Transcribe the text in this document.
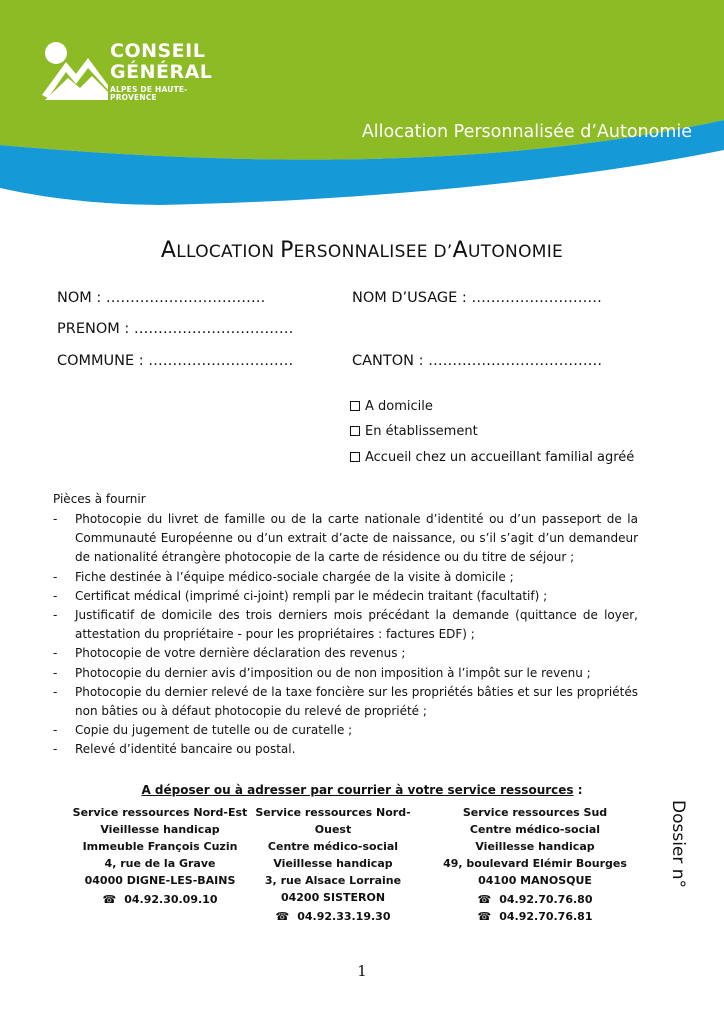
CONSEIL
GÉNÉRAL
ALPES DE HAUTE-PROVENCE
Allocation Personnalisée d’Autonomie
ALLOCATION PERSONNALISEE D’AUTONOMIE
NOM : ……………………………	NOM D’USAGE : ………………………
PRENOM : ……………………………
COMMUNE : …………………………	CANTON : ………………………………
A domicile
En établissement
Accueil chez un accueillant familial agréé
Pièces à fournir
- Photocopie du livret de famille ou de la carte nationale d’identité ou d’un passeport de la Communauté Européenne ou d’un extrait d’acte de naissance, ou s’il s’agit d’un demandeur de nationalité étrangère photocopie de la carte de résidence ou du titre de séjour ;
- Fiche destinée à l’équipe médico-sociale chargée de la visite à domicile ;
- Certificat médical (imprimé ci-joint) rempli par le médecin traitant (facultatif) ;
- Justificatif de domicile des trois derniers mois précédant la demande (quittance de loyer, attestation du propriétaire - pour les propriétaires : factures EDF) ;
- Photocopie de votre dernière déclaration des revenus ;
- Photocopie du dernier avis d’imposition ou de non imposition à l’impôt sur le revenu ;
- Photocopie du dernier relevé de la taxe foncière sur les propriétés bâties et sur les propriétés non bâties ou à défaut photocopie du relevé de propriété ;
- Copie du jugement de tutelle ou de curatelle ;
- Relevé d’identité bancaire ou postal.
A déposer ou à adresser par courrier à votre service ressources :
Service ressources Nord-Est
Vieillesse handicap
Immeuble François Cuzin
4, rue de la Grave
04000 DIGNE-LES-BAINS
☎ 04.92.30.09.10
Service ressources Nord-Ouest
Centre médico-social
Vieillesse handicap
3, rue Alsace Lorraine
04200 SISTERON
☎ 04.92.33.19.30
Service ressources Sud
Centre médico-social
Vieillesse handicap
49, boulevard Elémir Bourges
04100 MANOSQUE
☎ 04.92.70.76.80
☎ 04.92.70.76.81
Dossier n°
1
